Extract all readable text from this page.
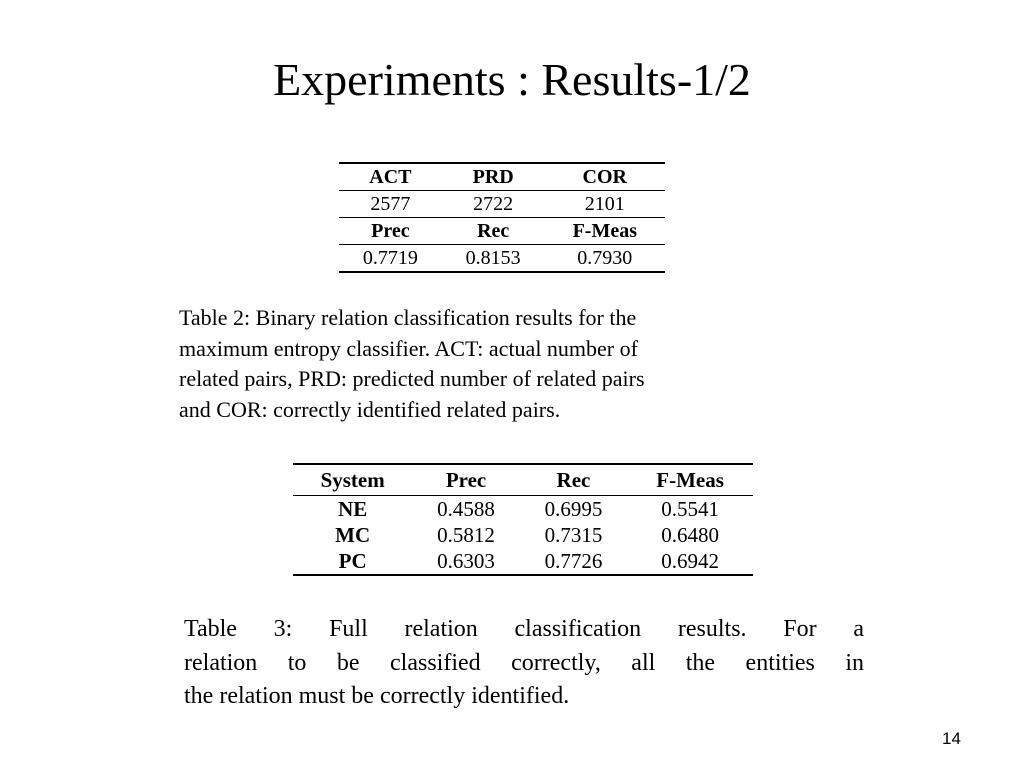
Experiments : Results-1/2
ACT	PRD	COR
2577	2722	2101
Prec	Rec	F-Meas
0.7719	0.8153	0.7930
Table 2: Binary relation classification results for the
maximum entropy classifier. ACT: actual number of
related pairs, PRD: predicted number of related pairs
and COR: correctly identified related pairs.
System	Prec	Rec	F-Meas
NE	0.4588	0.6995	0.5541
MC	0.5812	0.7315	0.6480
PC	0.6303	0.7726	0.6942
Table 3: Full relation classification results. For a
relation to be classified correctly, all the entities in
the relation must be correctly identified.
14
